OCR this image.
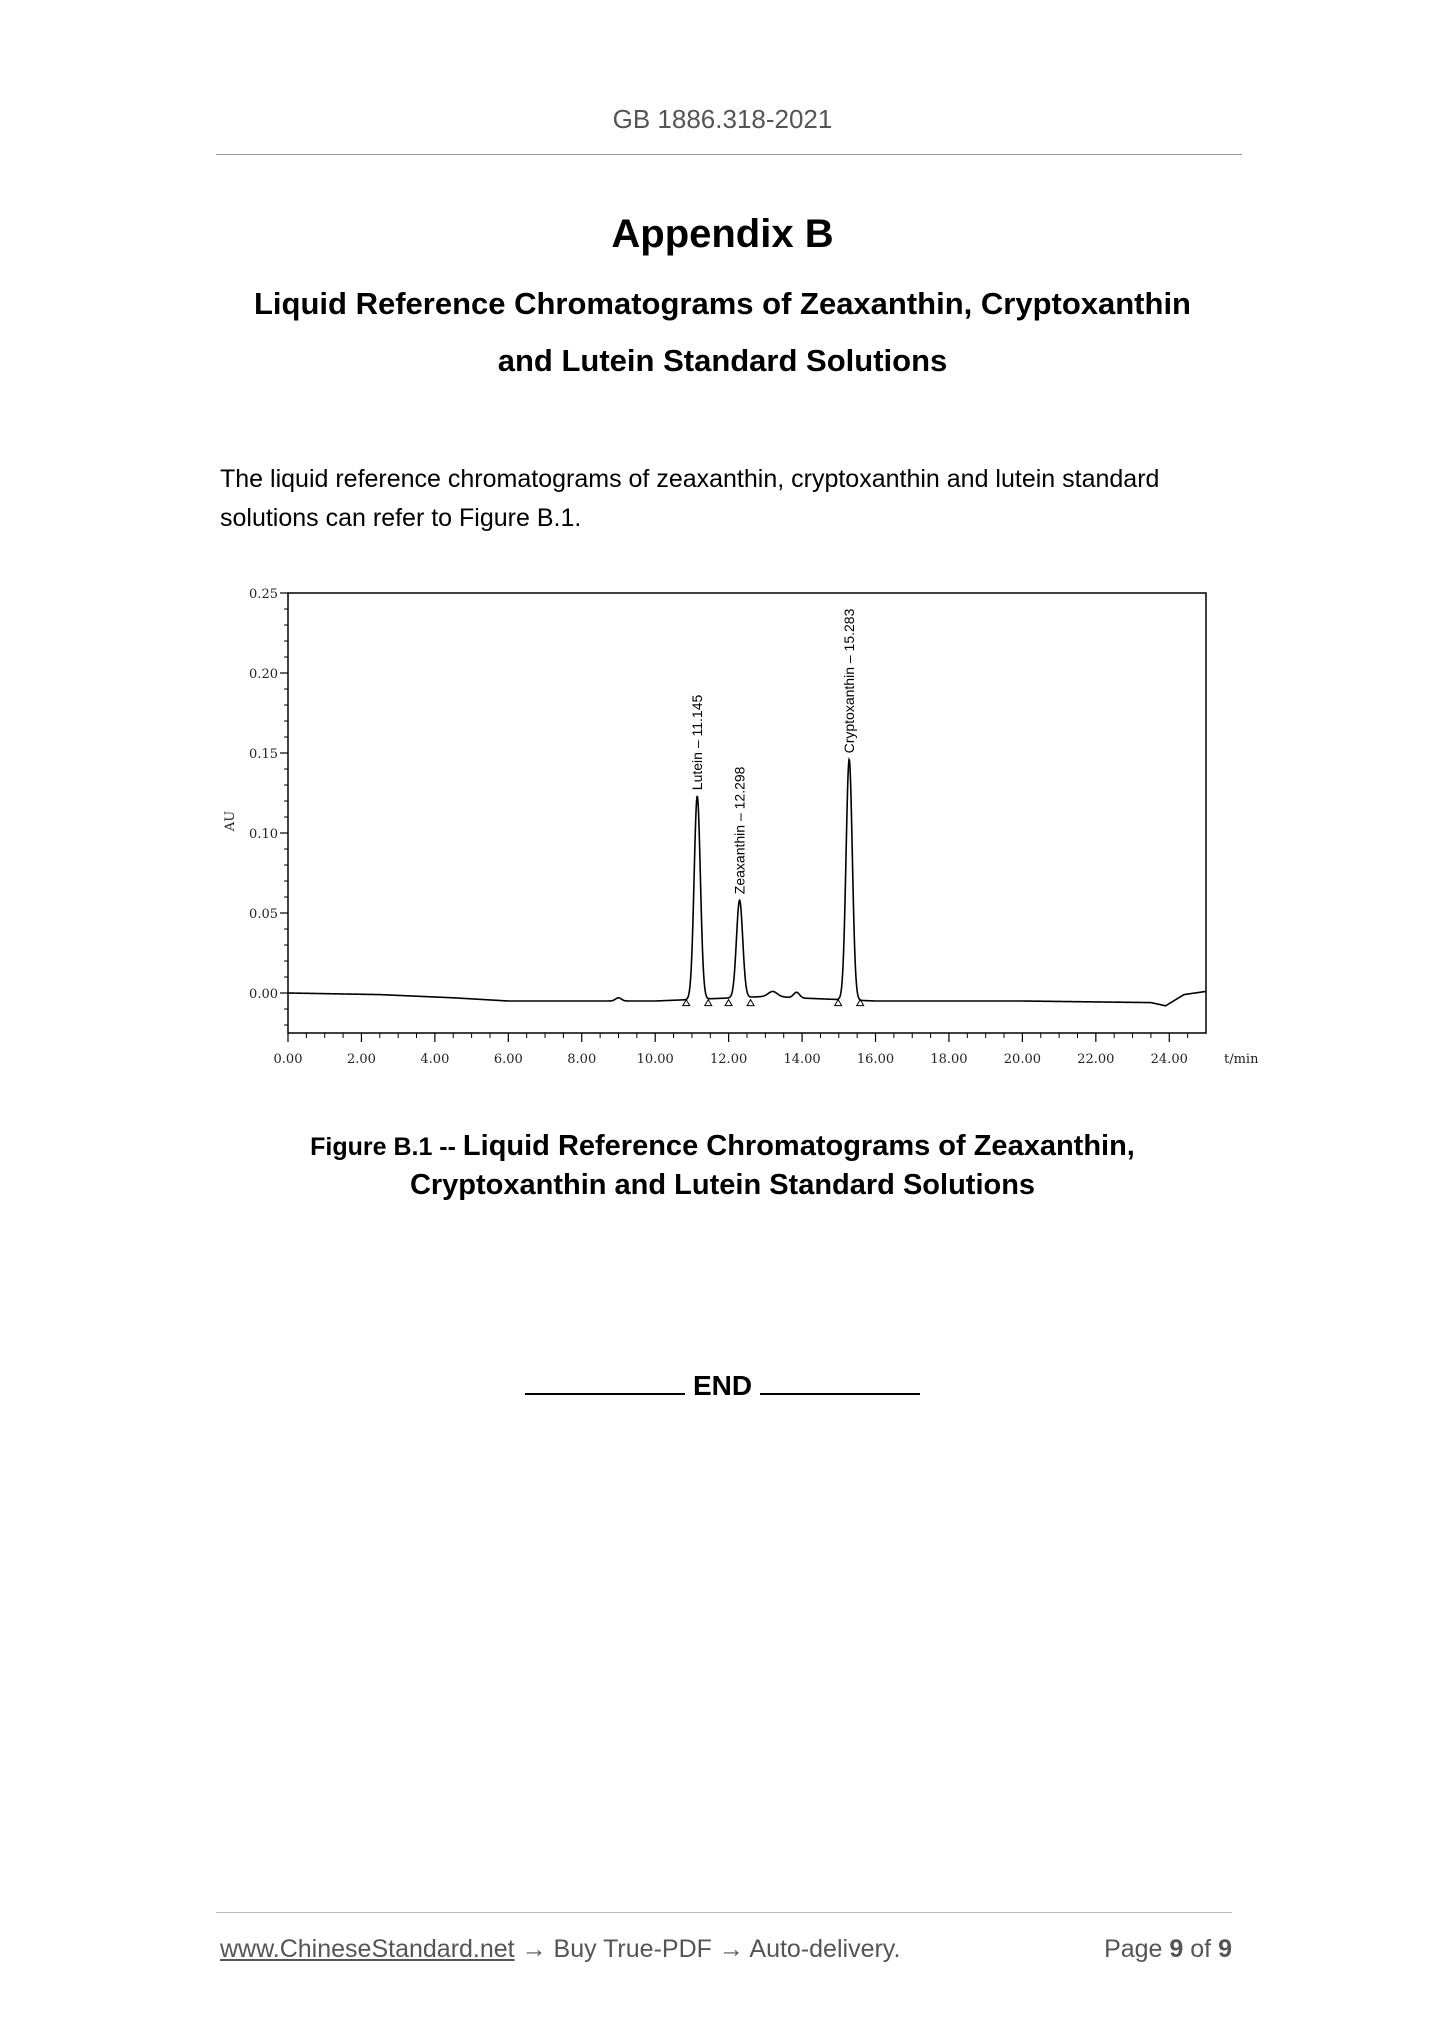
GB 1886.318-2021
Appendix B
Liquid Reference Chromatograms of Zeaxanthin, Cryptoxanthin
and Lutein Standard Solutions
The liquid reference chromatograms of zeaxanthin, cryptoxanthin and lutein standard
solutions can refer to Figure B.1.
0.00
0.05
0.10
0.15
0.20
0.25
0.00	2.00	4.00	6.00	8.00	10.00	12.00	14.00	16.00	18.00	20.00	22.00	24.00
AU
t/min
Lutein – 11.145
Zeaxanthin – 12.298
Cryptoxanthin – 15.283
Figure B.1 -- Liquid Reference Chromatograms of Zeaxanthin,
Cryptoxanthin and Lutein Standard Solutions
END
www.ChineseStandard.net → Buy True-PDF → Auto-delivery.	Page 9 of 9
